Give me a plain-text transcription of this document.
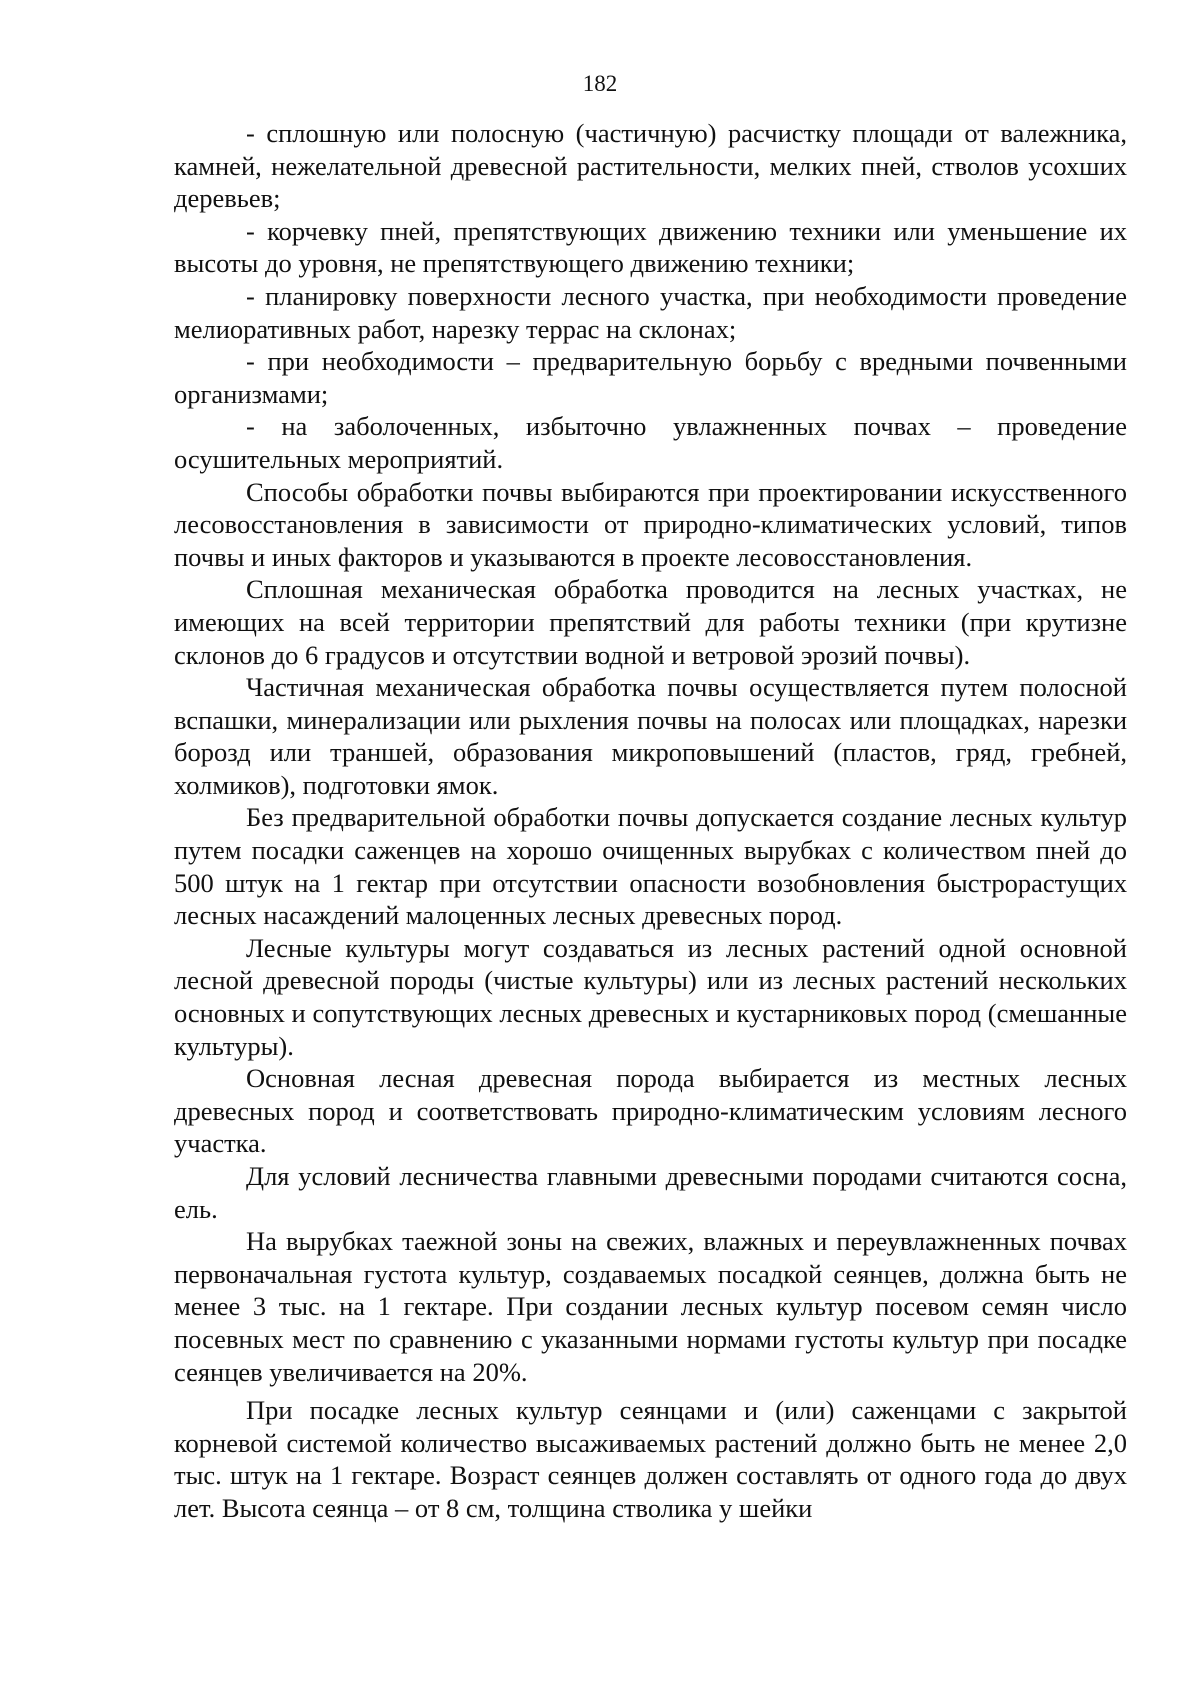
182

- сплошную или полосную (частичную) расчистку площади от валежника, камней, нежелательной древесной растительности, мелких пней, стволов усохших деревьев;

- корчевку пней, препятствующих движению техники или уменьшение их высоты до уровня, не препятствующего движению техники;

- планировку поверхности лесного участка, при необходимости проведение мелиоративных работ, нарезку террас на склонах;

- при необходимости – предварительную борьбу с вредными почвенными организмами;

- на заболоченных, избыточно увлажненных почвах – проведение осушительных мероприятий.

Способы обработки почвы выбираются при проектировании искусственного лесовосстановления в зависимости от природно-климатических условий, типов почвы и иных факторов и указываются в проекте лесовосстановления.

Сплошная механическая обработка проводится на лесных участках, не имеющих на всей территории препятствий для работы техники (при крутизне склонов до 6 градусов и отсутствии водной и ветровой эрозий почвы).

Частичная механическая обработка почвы осуществляется путем полосной вспашки, минерализации или рыхления почвы на полосах или площадках, нарезки борозд или траншей, образования микроповышений (пластов, гряд, гребней, холмиков), подготовки ямок.

Без предварительной обработки почвы допускается создание лесных культур путем посадки саженцев на хорошо очищенных вырубках с количеством пней до 500 штук на 1 гектар при отсутствии опасности возобновления быстрорастущих лесных насаждений малоценных лесных древесных пород.

Лесные культуры могут создаваться из лесных растений одной основной лесной древесной породы (чистые культуры) или из лесных растений нескольких основных и сопутствующих лесных древесных и кустарниковых пород (смешанные культуры).

Основная лесная древесная порода выбирается из местных лесных древесных пород и соответствовать природно-климатическим условиям лесного участка.

Для условий лесничества главными древесными породами считаются сосна, ель.

На вырубках таежной зоны на свежих, влажных и переувлажненных почвах первоначальная густота культур, создаваемых посадкой сеянцев, должна быть не менее 3 тыс. на 1 гектаре. При создании лесных культур посевом семян число посевных мест по сравнению с указанными нормами густоты культур при посадке сеянцев увеличивается на 20%.

При посадке лесных культур сеянцами и (или) саженцами с закрытой корневой системой количество высаживаемых растений должно быть не менее 2,0 тыс. штук на 1 гектаре. Возраст сеянцев должен составлять от одного года до двух лет. Высота сеянца – от 8 см, толщина стволика у шейки
